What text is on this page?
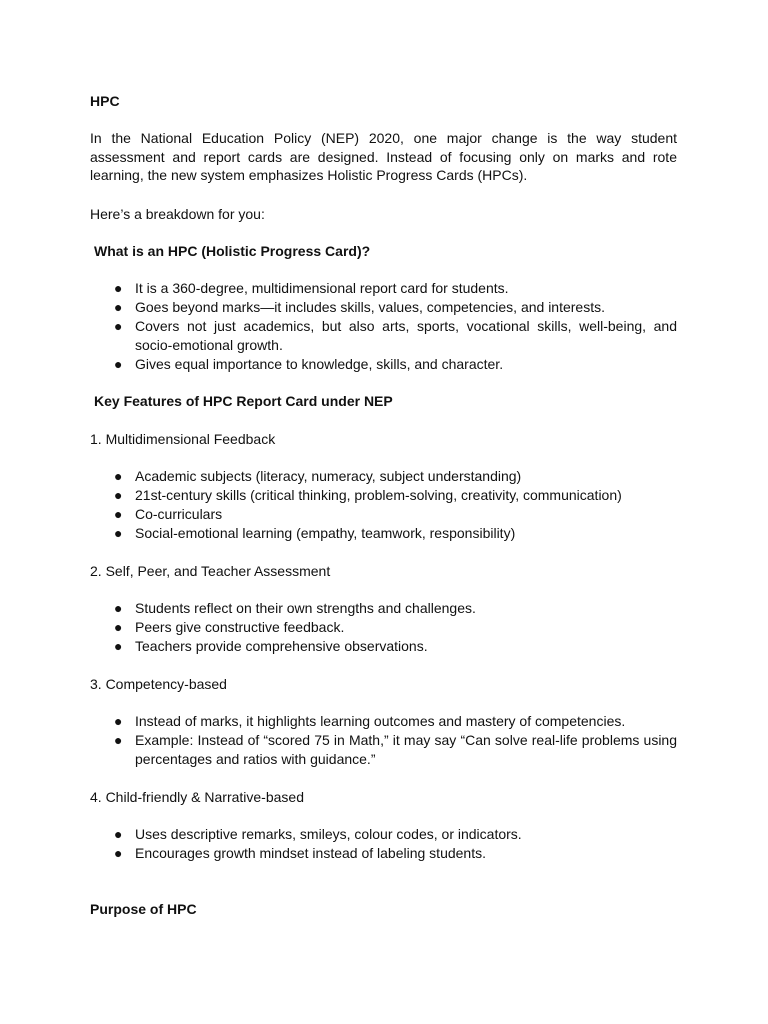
HPC
In the National Education Policy (NEP) 2020, one major change is the way student assessment and report cards are designed. Instead of focusing only on marks and rote learning, the new system emphasizes Holistic Progress Cards (HPCs).
Here’s a breakdown for you:
What is an HPC (Holistic Progress Card)?
● It is a 360-degree, multidimensional report card for students.
● Goes beyond marks—it includes skills, values, competencies, and interests.
● Covers not just academics, but also arts, sports, vocational skills, well-being, and socio-emotional growth.
● Gives equal importance to knowledge, skills, and character.
Key Features of HPC Report Card under NEP
1. Multidimensional Feedback
● Academic subjects (literacy, numeracy, subject understanding)
● 21st-century skills (critical thinking, problem-solving, creativity, communication)
● Co-curriculars
● Social-emotional learning (empathy, teamwork, responsibility)
2. Self, Peer, and Teacher Assessment
● Students reflect on their own strengths and challenges.
● Peers give constructive feedback.
● Teachers provide comprehensive observations.
3. Competency-based
● Instead of marks, it highlights learning outcomes and mastery of competencies.
● Example: Instead of “scored 75 in Math,” it may say “Can solve real-life problems using percentages and ratios with guidance.”
4. Child-friendly & Narrative-based
● Uses descriptive remarks, smileys, colour codes, or indicators.
● Encourages growth mindset instead of labeling students.
Purpose of HPC
